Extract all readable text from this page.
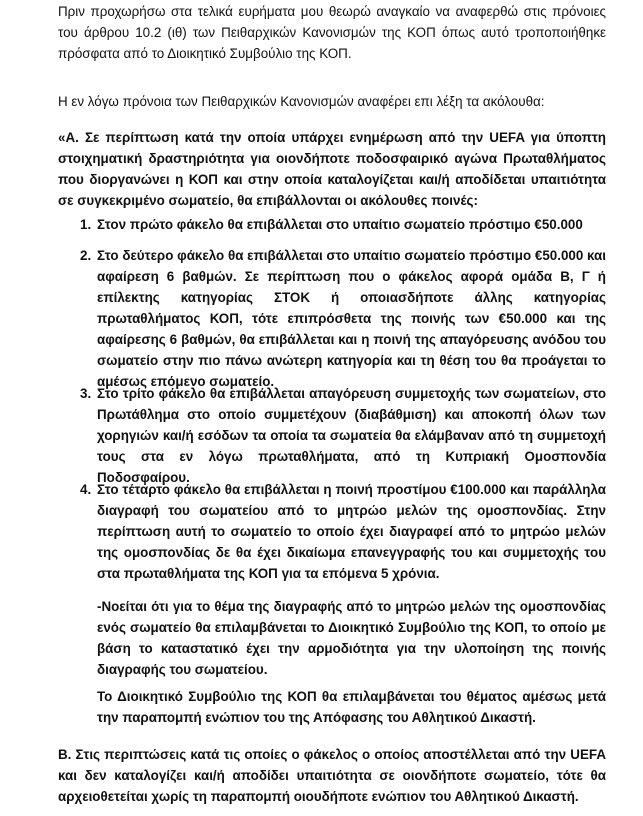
Πριν προχωρήσω στα τελικά ευρήματα μου θεωρώ αναγκαίο να αναφερθώ στις πρόνοιες του άρθρου 10.2 (ιθ) των Πειθαρχικών Κανονισμών της ΚΟΠ όπως αυτό τροποποιήθηκε πρόσφατα από το Διοικητικό Συμβούλιο της ΚΟΠ.

Η εν λόγω πρόνοια των Πειθαρχικών Κανονισμών αναφέρει επι λέξη τα ακόλουθα:

«Α. Σε περίπτωση κατά την οποία υπάρχει ενημέρωση από την UEFA για ύποπτη στοιχηματική δραστηριότητα για οιονδήποτε ποδοσφαιρικό αγώνα Πρωταθλήματος που διοργανώνει η ΚΟΠ και στην οποία καταλογίζεται και/ή αποδίδεται υπαιτιότητα σε συγκεκριμένο σωματείο, θα επιβάλλονται οι ακόλουθες ποινές:

1. Στον πρώτο φάκελο θα επιβάλλεται στο υπαίτιο σωματείο πρόστιμο €50.000

2. Στο δεύτερο φάκελο θα επιβάλλεται στο υπαίτιο σωματείο πρόστιμο €50.000 και αφαίρεση 6 βαθμών. Σε περίπτωση που ο φάκελος αφορά ομάδα Β, Γ ή επίλεκτης κατηγορίας ΣΤΟΚ ή οποιασδήποτε άλλης κατηγορίας πρωταθλήματος ΚΟΠ, τότε επιπρόσθετα της ποινής των €50.000 και της αφαίρεσης 6 βαθμών, θα επιβάλλεται και η ποινή της απαγόρευσης ανόδου του σωματείο στην πιο πάνω ανώτερη κατηγορία και τη θέση του θα προάγεται το αμέσως επόμενο σωματείο.

3. Στο τρίτο φάκελο θα επιβάλλεται απαγόρευση συμμετοχής των σωματείων, στο Πρωτάθλημα στο οποίο συμμετέχουν (διαβάθμιση) και αποκοπή όλων των χορηγιών και/ή εσόδων τα οποία τα σωματεία θα ελάμβαναν από τη συμμετοχή τους στα εν λόγω πρωταθλήματα, από τη Κυπριακή Ομοσπονδία Ποδοσφαίρου.

4. Στο τέταρτο φάκελο θα επιβάλλεται η ποινή προστίμου €100.000 και παράλληλα διαγραφή του σωματείου από το μητρώο μελών της ομοσπονδίας. Στην περίπτωση αυτή το σωματείο το οποίο έχει διαγραφεί από το μητρώο μελών της ομοσπονδίας δε θα έχει δικαίωμα επανεγγραφής του και συμμετοχής του στα πρωταθλήματα της ΚΟΠ για τα επόμενα 5 χρόνια.

-Νοείται ότι για το θέμα της διαγραφής από το μητρώο μελών της ομοσπονδίας ενός σωματείο θα επιλαμβάνεται το Διοικητικό Συμβούλιο της ΚΟΠ, το οποίο με βάση το καταστατικό έχει την αρμοδιότητα για την υλοποίηση της ποινής διαγραφής του σωματείου.

Το Διοικητικό Συμβούλιο της ΚΟΠ θα επιλαμβάνεται του θέματος αμέσως μετά την παραπομπή ενώπιον του της Απόφασης του Αθλητικού Δικαστή.

Β. Στις περιπτώσεις κατά τις οποίες ο φάκελος ο οποίος αποστέλλεται από την UEFA και δεν καταλογίζει και/ή αποδίδει υπαιτιότητα σε οιονδήποτε σωματείο, τότε θα αρχειοθετείται χωρίς τη παραπομπή οιουδήποτε ενώπιον του Αθλητικού Δικαστή.
